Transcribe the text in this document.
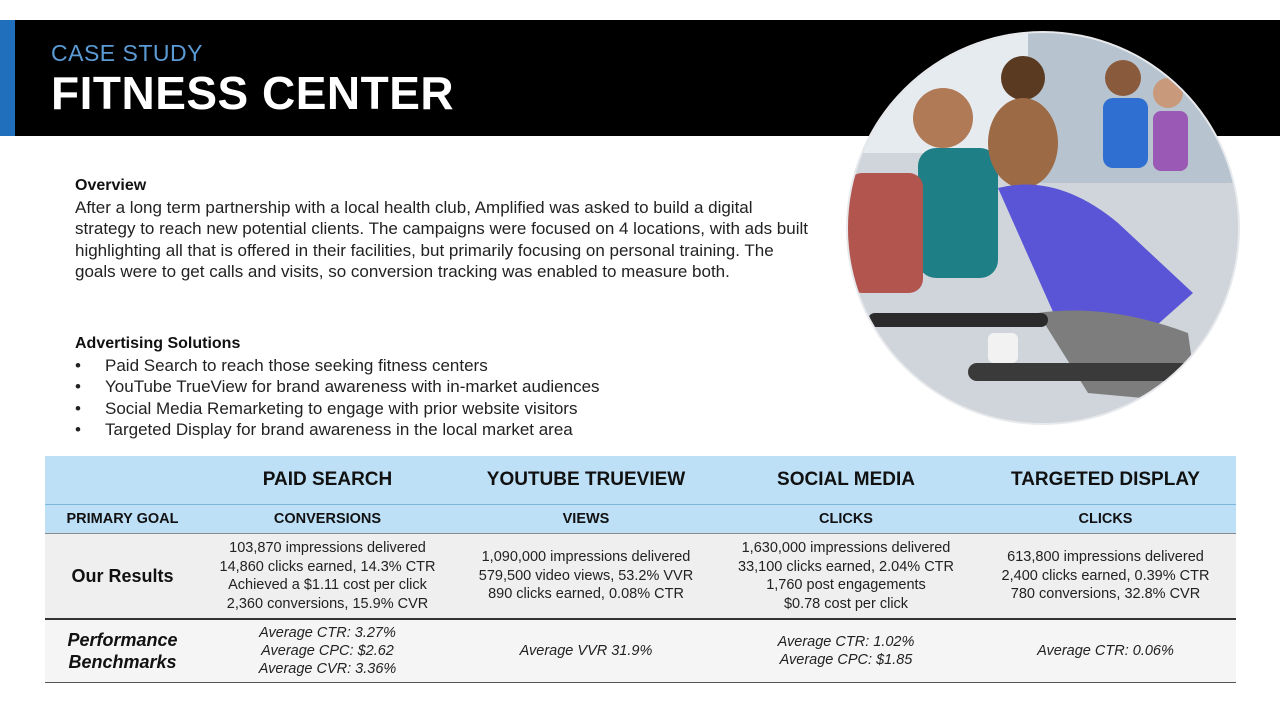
CASE STUDY
FITNESS CENTER
Overview
After a long term partnership with a local health club, Amplified was asked to build a digital strategy to reach new potential clients. The campaigns were focused on 4 locations, with ads built highlighting all that is offered in their facilities, but primarily focusing on personal training. The goals were to get calls and visits, so conversion tracking was enabled to measure both.
Advertising Solutions
• Paid Search to reach those seeking fitness centers
• YouTube TrueView for brand awareness with in-market audiences
• Social Media Remarketing to engage with prior website visitors
• Targeted Display for brand awareness in the local market area
	PAID SEARCH	YOUTUBE TRUEVIEW	SOCIAL MEDIA	TARGETED DISPLAY
PRIMARY GOAL	CONVERSIONS	VIEWS	CLICKS	CLICKS
Our Results	103,870 impressions delivered
14,860 clicks earned, 14.3% CTR
Achieved a $1.11 cost per click
2,360 conversions, 15.9% CVR	1,090,000 impressions delivered
579,500 video views, 53.2% VVR
890 clicks earned, 0.08% CTR	1,630,000 impressions delivered
33,100 clicks earned, 2.04% CTR
1,760 post engagements
$0.78 cost per click	613,800 impressions delivered
2,400 clicks earned, 0.39% CTR
780 conversions, 32.8% CVR
Performance
Benchmarks	Average CTR: 3.27%
Average CPC: $2.62
Average CVR: 3.36%	Average VVR 31.9%	Average CTR: 1.02%
Average CPC: $1.85	Average CTR: 0.06%
